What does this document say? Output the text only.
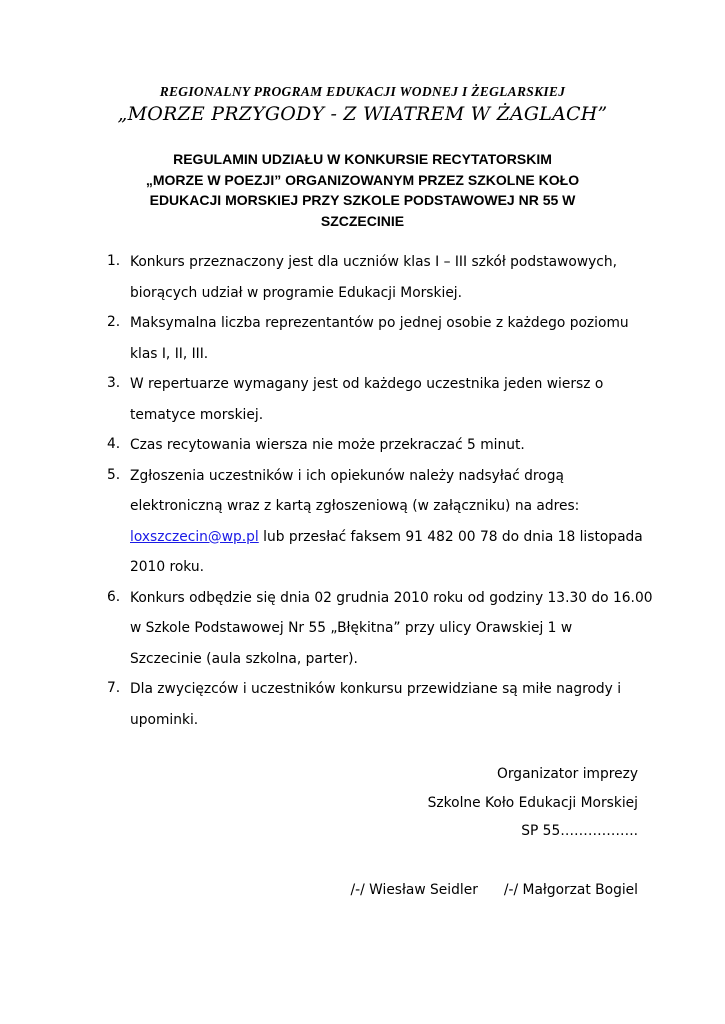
REGIONALNY PROGRAM EDUKACJI WODNEJ I ŻEGLARSKIEJ
„MORZE PRZYGODY - Z WIATREM W ŻAGLACH”
REGULAMIN UDZIAŁU W KONKURSIE RECYTATORSKIM
„MORZE W POEZJI” ORGANIZOWANYM PRZEZ SZKOLNE KOŁO
EDUKACJI MORSKIEJ PRZY SZKOLE PODSTAWOWEJ NR 55 W
SZCZECINIE
1. Konkurs przeznaczony jest dla uczniów klas I – III szkół podstawowych,
biorących udział w programie Edukacji Morskiej.
2. Maksymalna liczba reprezentantów po jednej osobie z każdego poziomu
klas I, II, III.
3. W repertuarze wymagany jest od każdego uczestnika jeden wiersz o
tematyce morskiej.
4. Czas recytowania wiersza nie może przekraczać 5 minut.
5. Zgłoszenia uczestników i ich opiekunów należy nadsyłać drogą
elektroniczną wraz z kartą zgłoszeniową (w załączniku) na adres:
loxszczecin@wp.pl lub przesłać faksem 91 482 00 78 do dnia 18 listopada
2010 roku.
6. Konkurs odbędzie się dnia 02 grudnia 2010 roku od godziny 13.30 do 16.00
w Szkole Podstawowej Nr 55 „Błękitna” przy ulicy Orawskiej 1 w
Szczecinie (aula szkolna, parter).
7. Dla zwycięzców i uczestników konkursu przewidziane są miłe nagrody i
upominki.
Organizator imprezy
Szkolne Koło Edukacji Morskiej
SP 55……………..
/-/ Wiesław Seidler /-/ Małgorzat Bogiel
